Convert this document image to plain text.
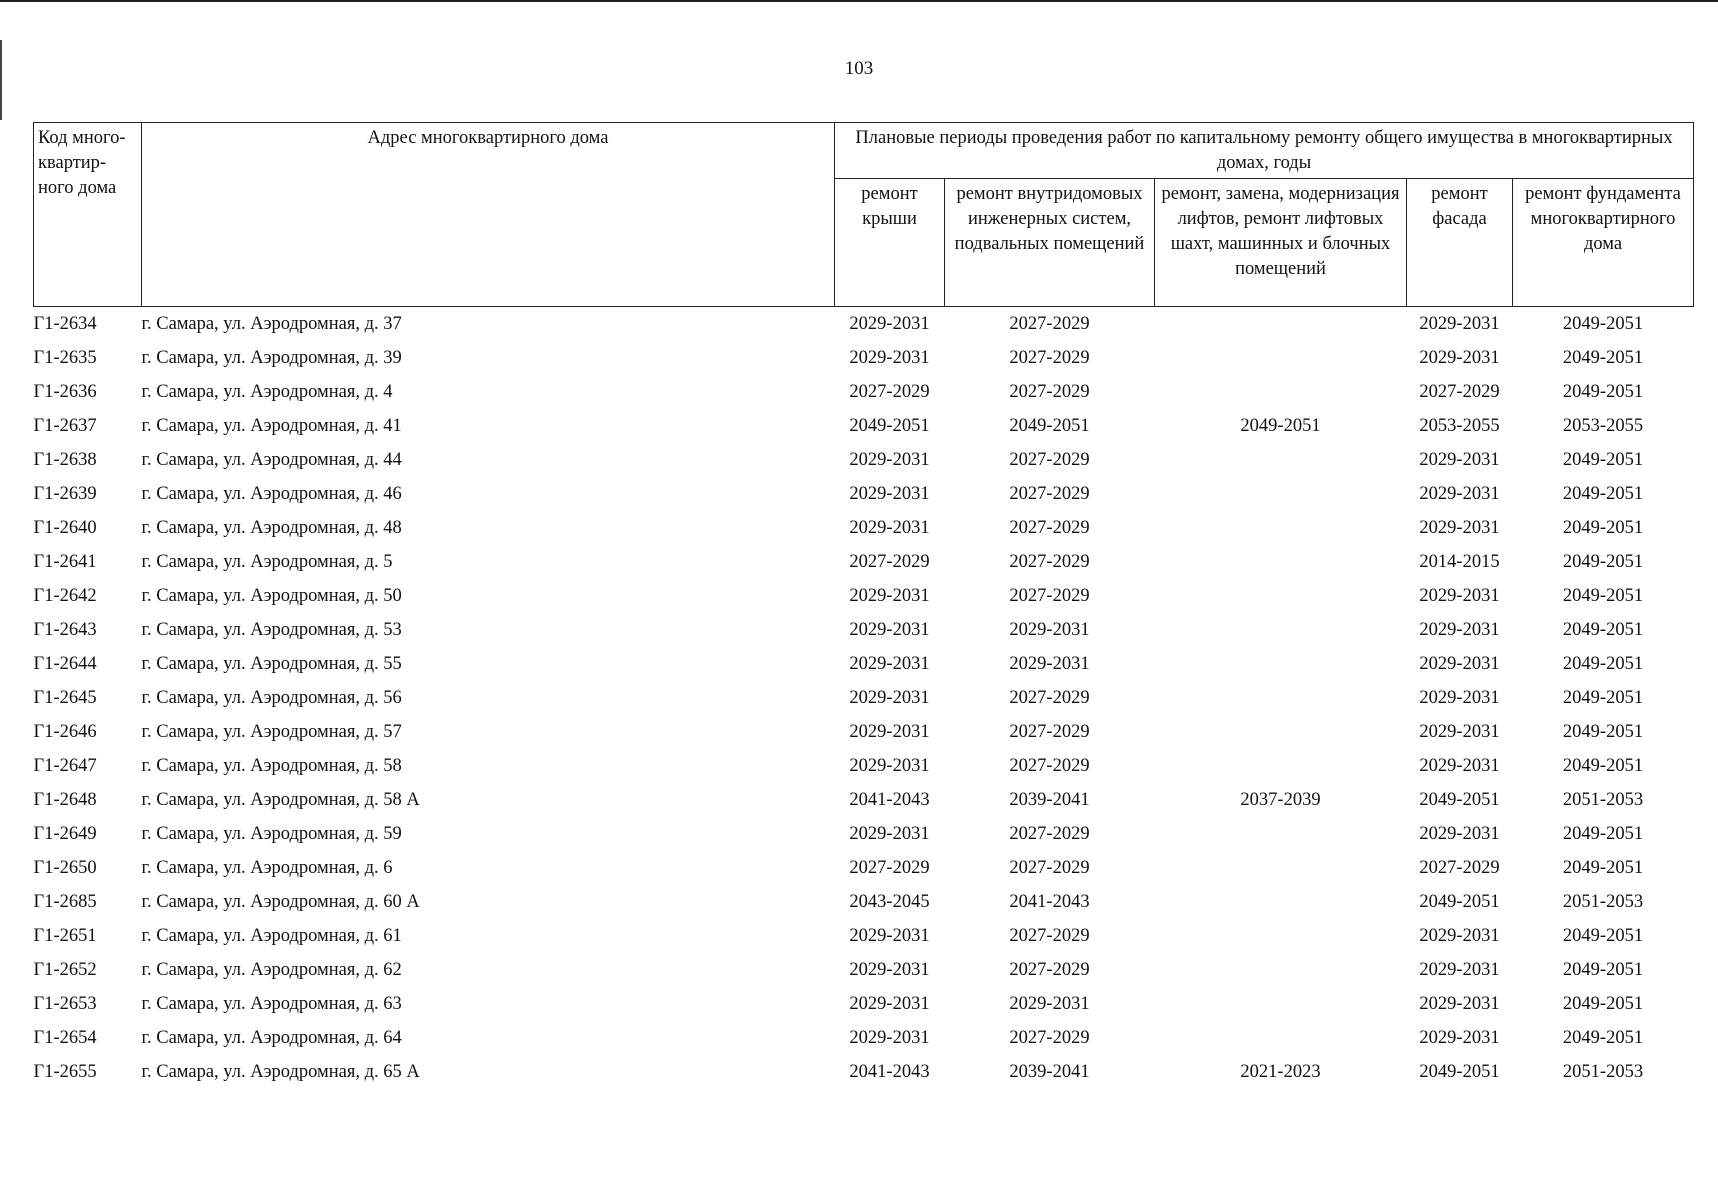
103
Код много-квартир-ного дома	Адрес многоквартирного дома	Плановые периоды проведения работ по капитальному ремонту общего имущества в многоквартирных домах, годы				
		ремонт крыши	ремонт внутридомовых инженерных систем, подвальных помещений	ремонт, замена, модернизация лифтов, ремонт лифтовых шахт, машинных и блочных помещений	ремонт фасада	ремонт фундамента многоквартирного дома
Г1-2634	г. Самара, ул. Аэродромная, д. 37	2029-2031	2027-2029		2029-2031	2049-2051
Г1-2635	г. Самара, ул. Аэродромная, д. 39	2029-2031	2027-2029		2029-2031	2049-2051
Г1-2636	г. Самара, ул. Аэродромная, д. 4	2027-2029	2027-2029		2027-2029	2049-2051
Г1-2637	г. Самара, ул. Аэродромная, д. 41	2049-2051	2049-2051	2049-2051	2053-2055	2053-2055
Г1-2638	г. Самара, ул. Аэродромная, д. 44	2029-2031	2027-2029		2029-2031	2049-2051
Г1-2639	г. Самара, ул. Аэродромная, д. 46	2029-2031	2027-2029		2029-2031	2049-2051
Г1-2640	г. Самара, ул. Аэродромная, д. 48	2029-2031	2027-2029		2029-2031	2049-2051
Г1-2641	г. Самара, ул. Аэродромная, д. 5	2027-2029	2027-2029		2014-2015	2049-2051
Г1-2642	г. Самара, ул. Аэродромная, д. 50	2029-2031	2027-2029		2029-2031	2049-2051
Г1-2643	г. Самара, ул. Аэродромная, д. 53	2029-2031	2029-2031		2029-2031	2049-2051
Г1-2644	г. Самара, ул. Аэродромная, д. 55	2029-2031	2029-2031		2029-2031	2049-2051
Г1-2645	г. Самара, ул. Аэродромная, д. 56	2029-2031	2027-2029		2029-2031	2049-2051
Г1-2646	г. Самара, ул. Аэродромная, д. 57	2029-2031	2027-2029		2029-2031	2049-2051
Г1-2647	г. Самара, ул. Аэродромная, д. 58	2029-2031	2027-2029		2029-2031	2049-2051
Г1-2648	г. Самара, ул. Аэродромная, д. 58 А	2041-2043	2039-2041	2037-2039	2049-2051	2051-2053
Г1-2649	г. Самара, ул. Аэродромная, д. 59	2029-2031	2027-2029		2029-2031	2049-2051
Г1-2650	г. Самара, ул. Аэродромная, д. 6	2027-2029	2027-2029		2027-2029	2049-2051
Г1-2685	г. Самара, ул. Аэродромная, д. 60 А	2043-2045	2041-2043		2049-2051	2051-2053
Г1-2651	г. Самара, ул. Аэродромная, д. 61	2029-2031	2027-2029		2029-2031	2049-2051
Г1-2652	г. Самара, ул. Аэродромная, д. 62	2029-2031	2027-2029		2029-2031	2049-2051
Г1-2653	г. Самара, ул. Аэродромная, д. 63	2029-2031	2029-2031		2029-2031	2049-2051
Г1-2654	г. Самара, ул. Аэродромная, д. 64	2029-2031	2027-2029		2029-2031	2049-2051
Г1-2655	г. Самара, ул. Аэродромная, д. 65 А	2041-2043	2039-2041	2021-2023	2049-2051	2051-2053
